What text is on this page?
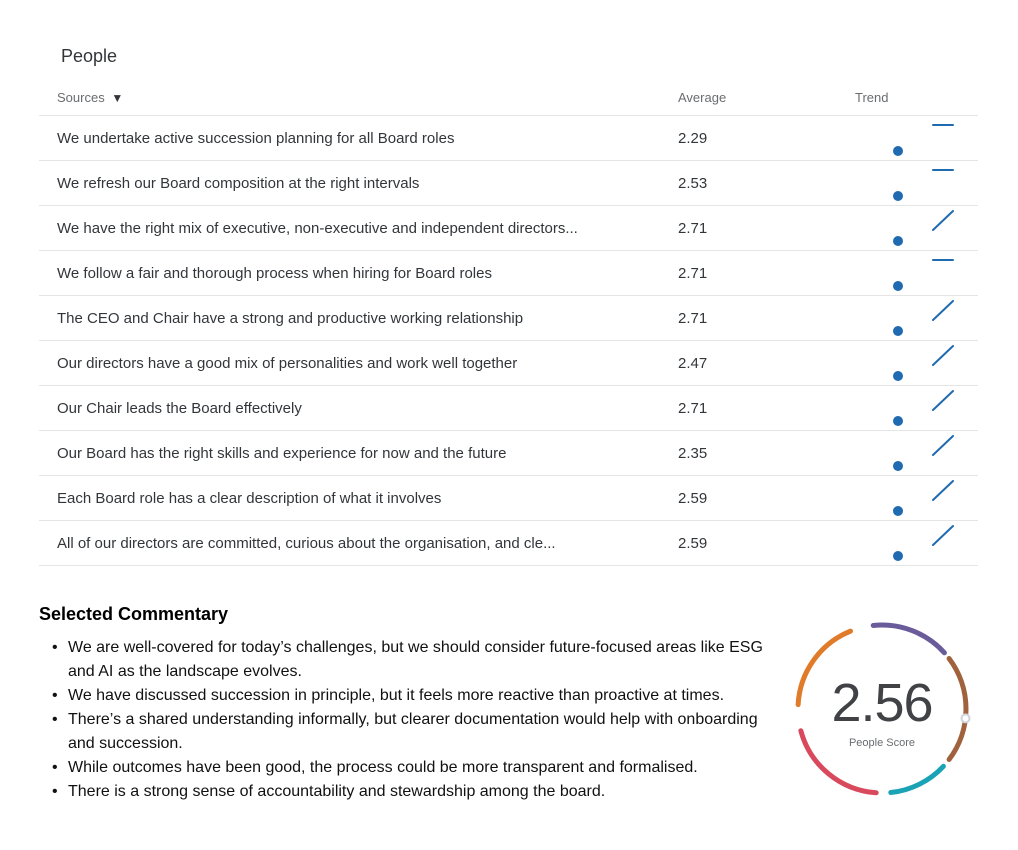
People
Sources ▼	Average	Trend
We undertake active succession planning for all Board roles	2.29
We refresh our Board composition at the right intervals	2.53
We have the right mix of executive, non-executive and independent directors...	2.71
We follow a fair and thorough process when hiring for Board roles	2.71
The CEO and Chair have a strong and productive working relationship	2.71
Our directors have a good mix of personalities and work well together	2.47
Our Chair leads the Board effectively	2.71
Our Board has the right skills and experience for now and the future	2.35
Each Board role has a clear description of what it involves	2.59
All of our directors are committed, curious about the organisation, and cle...	2.59
Selected Commentary
• We are well-covered for today’s challenges, but we should consider future-focused areas like ESG and AI as the landscape evolves.
• We have discussed succession in principle, but it feels more reactive than proactive at times.
• There’s a shared understanding informally, but clearer documentation would help with onboarding and succession.
• While outcomes have been good, the process could be more transparent and formalised.
• There is a strong sense of accountability and stewardship among the board.
2.56
People Score
